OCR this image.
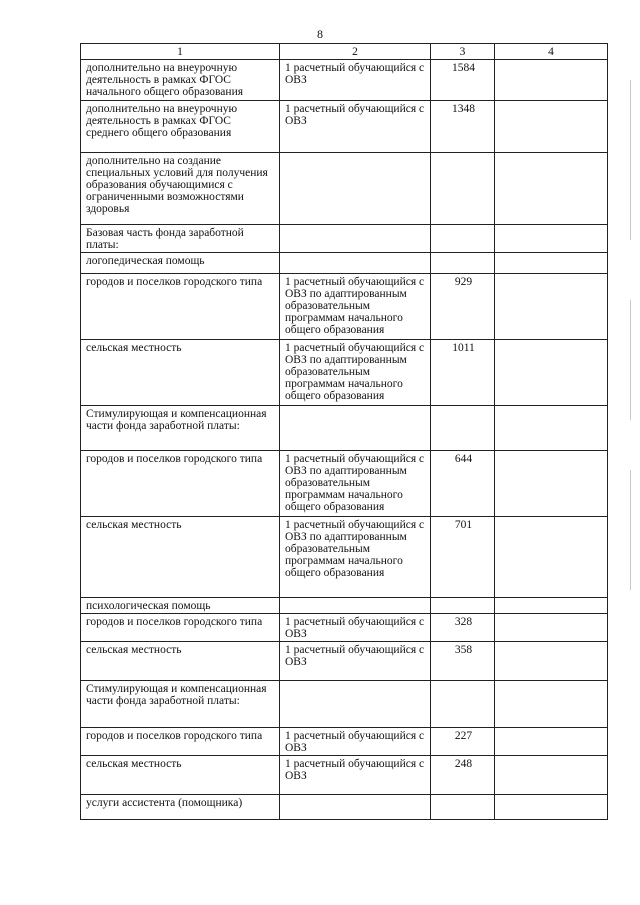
8
1	2	3	4
дополнительно на внеурочную деятельность в рамках ФГОС начального общего образования	1 расчетный обучающийся с ОВЗ	1584	
дополнительно на внеурочную деятельность в рамках ФГОС среднего общего образования	1 расчетный обучающийся с ОВЗ	1348	
дополнительно на создание специальных условий для получения образования обучающимися с ограниченными возможностями здоровья			
Базовая часть фонда заработной платы:			
логопедическая помощь			
городов и поселков городского типа	1 расчетный обучающийся с ОВЗ по адаптированным образовательным программам начального общего образования	929	
сельская местность	1 расчетный обучающийся с ОВЗ по адаптированным образовательным программам начального общего образования	1011	
Стимулирующая и компенсационная части фонда заработной платы:			
городов и поселков городского типа	1 расчетный обучающийся с ОВЗ по адаптированным образовательным программам начального общего образования	644	
сельская местность	1 расчетный обучающийся с ОВЗ по адаптированным образовательным программам начального общего образования	701	
психологическая помощь			
городов и поселков городского типа	1 расчетный обучающийся с ОВЗ	328	
сельская местность	1 расчетный обучающийся с ОВЗ	358	
Стимулирующая и компенсационная части фонда заработной платы:			
городов и поселков городского типа	1 расчетный обучающийся с ОВЗ	227	
сельская местность	1 расчетный обучающийся с ОВЗ	248	
услуги ассистента (помощника)			
